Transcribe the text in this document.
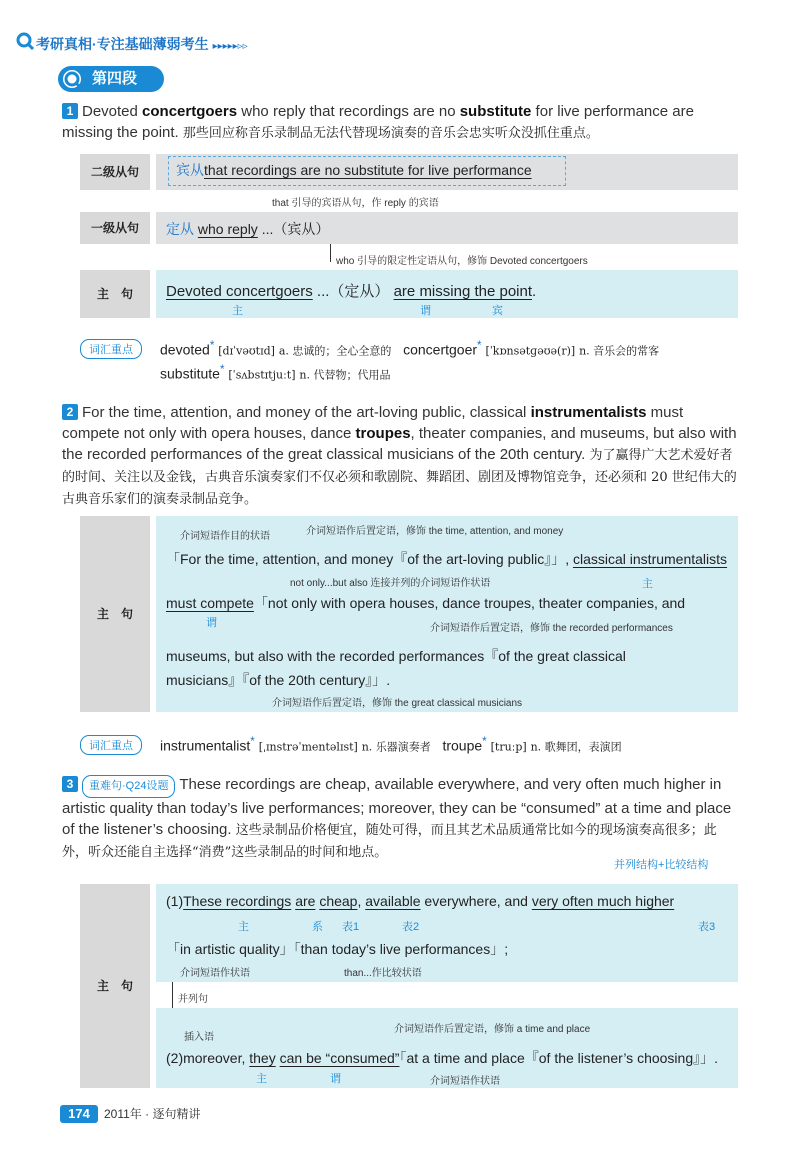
考研真相·专注基础薄弱考生 ▸▸▸▸▸▹▹
第四段
1 Devoted concertgoers who reply that recordings are no substitute for live performance are missing the point. 那些回应称音乐录制品无法代替现场演奏的音乐会忠实听众没抓住重点。
二级从句	宾从that recordings are no substitute for live performance
that 引导的宾语从句，作 reply 的宾语
一级从句	定从 who reply ...（宾从）
who 引导的限定性定语从句，修饰 Devoted concertgoers
主　句	Devoted concertgoers ...（定从） are missing the point.
主	谓	宾
词汇重点	devoted* [dɪˈvəʊtɪd] a. 忠诚的；全心全意的 concertgoer* [ˈkɒnsətɡəʊə(r)] n. 音乐会的常客
substitute* [ˈsʌbstɪtjuːt] n. 代替物；代用品
2 For the time, attention, and money of the art-loving public, classical instrumentalists must compete not only with opera houses, dance troupes, theater companies, and museums, but also with the recorded performances of the great classical musicians of the 20th century. 为了赢得广大艺术爱好者的时间、关注以及金钱，古典音乐演奏家们不仅必须和歌剧院、舞蹈团、剧团及博物馆竞争，还必须和 20 世纪伟大的古典音乐家们的演奏录制品竞争。
主　句
介词短语作目的状语	介词短语作后置定语，修饰 the time, attention, and money
「For the time, attention, and money『of the art-loving public』」, classical instrumentalists
主
not only...but also 连接并列的介词短语作状语
must compete「not only with opera houses, dance troupes, theater companies, and
谓	介词短语作后置定语，修饰 the recorded performances
museums, but also with the recorded performances『of the great classical
musicians』『of the 20th century』」.
介词短语作后置定语，修饰 the great classical musicians
词汇重点	instrumentalist* [ˌɪnstrəˈmentəlɪst] n. 乐器演奏者 troupe* [truːp] n. 歌舞团，表演团
3 重难句·Q24设题 These recordings are cheap, available everywhere, and very often much higher in artistic quality than today’s live performances; moreover, they can be “consumed” at a time and place of the listener’s choosing. 这些录制品价格便宜，随处可得，而且其艺术品质通常比如今的现场演奏高很多；此外，听众还能自主选择“消费”这些录制品的时间和地点。
并列结构+比较结构
主　句
(1)These recordings are cheap, available everywhere, and very often much higher
主	系 表1	表2	表3
「in artistic quality」「than today’s live performances」;
介词短语作状语	than...作比较状语
并列句
插入语
介词短语作后置定语，修饰 a time and place
(2)moreover, they can be “consumed”「at a time and place『of the listener’s choosing』」.
主	谓	介词短语作状语
174	2011年 · 逐句精讲
